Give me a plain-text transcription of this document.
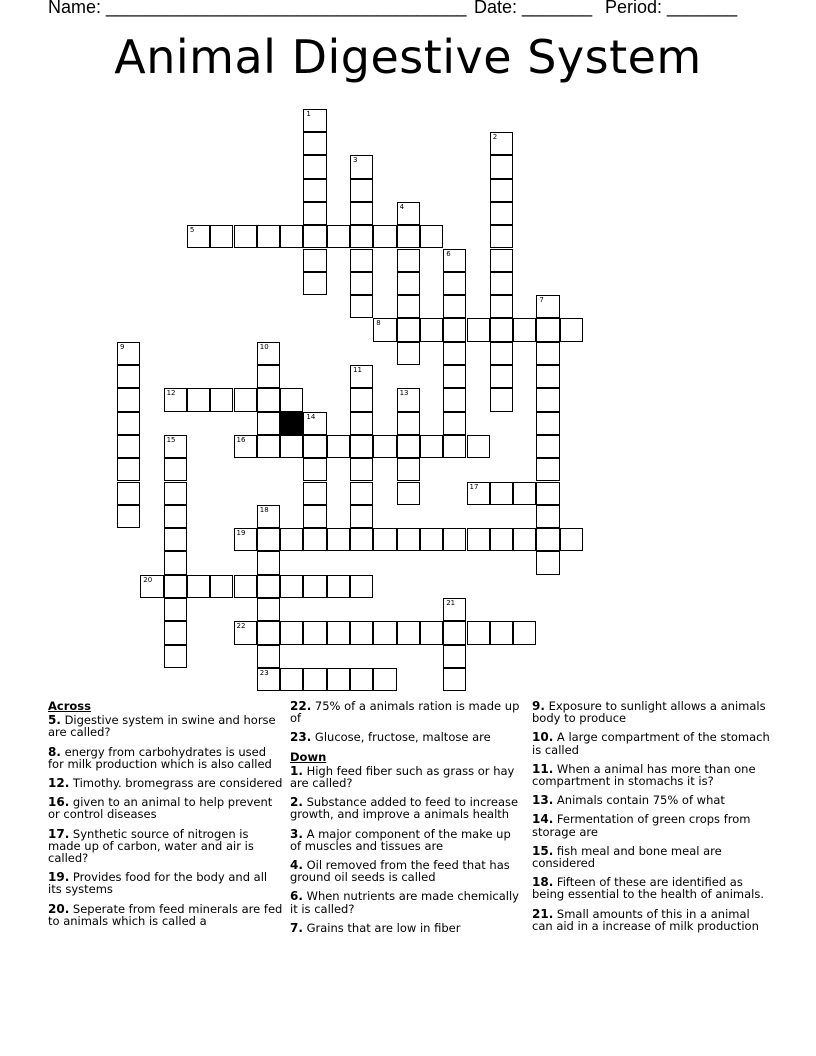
Name: ____________________________________ Date: _______ Period: _______
Animal Digestive System
1
2
3
4
5
6
7
8
9	10
11
12	13
14
15	16
17
18
19
20
21
22
23
Across
5. Digestive system in swine and horse are called?
8. energy from carbohydrates is used for milk production which is also called
12. Timothy. bromegrass are considered
16. given to an animal to help prevent or control diseases
17. Synthetic source of nitrogen is made up of carbon, water and air is called?
19. Provides food for the body and all its systems
20. Seperate from feed minerals are fed to animals which is called a
22. 75% of a animals ration is made up of
23. Glucose, fructose, maltose are
Down
1. High feed fiber such as grass or hay are called?
2. Substance added to feed to increase growth, and improve a animals health
3. A major component of the make up of muscles and tissues are
4. Oil removed from the feed that has ground oil seeds is called
6. When nutrients are made chemically it is called?
7. Grains that are low in fiber
9. Exposure to sunlight allows a animals body to produce
10. A large compartment of the stomach is called
11. When a animal has more than one compartment in stomachs it is?
13. Animals contain 75% of what
14. Fermentation of green crops from storage are
15. fish meal and bone meal are considered
18. Fifteen of these are identified as being essential to the health of animals.
21. Small amounts of this in a animal can aid in a increase of milk production
